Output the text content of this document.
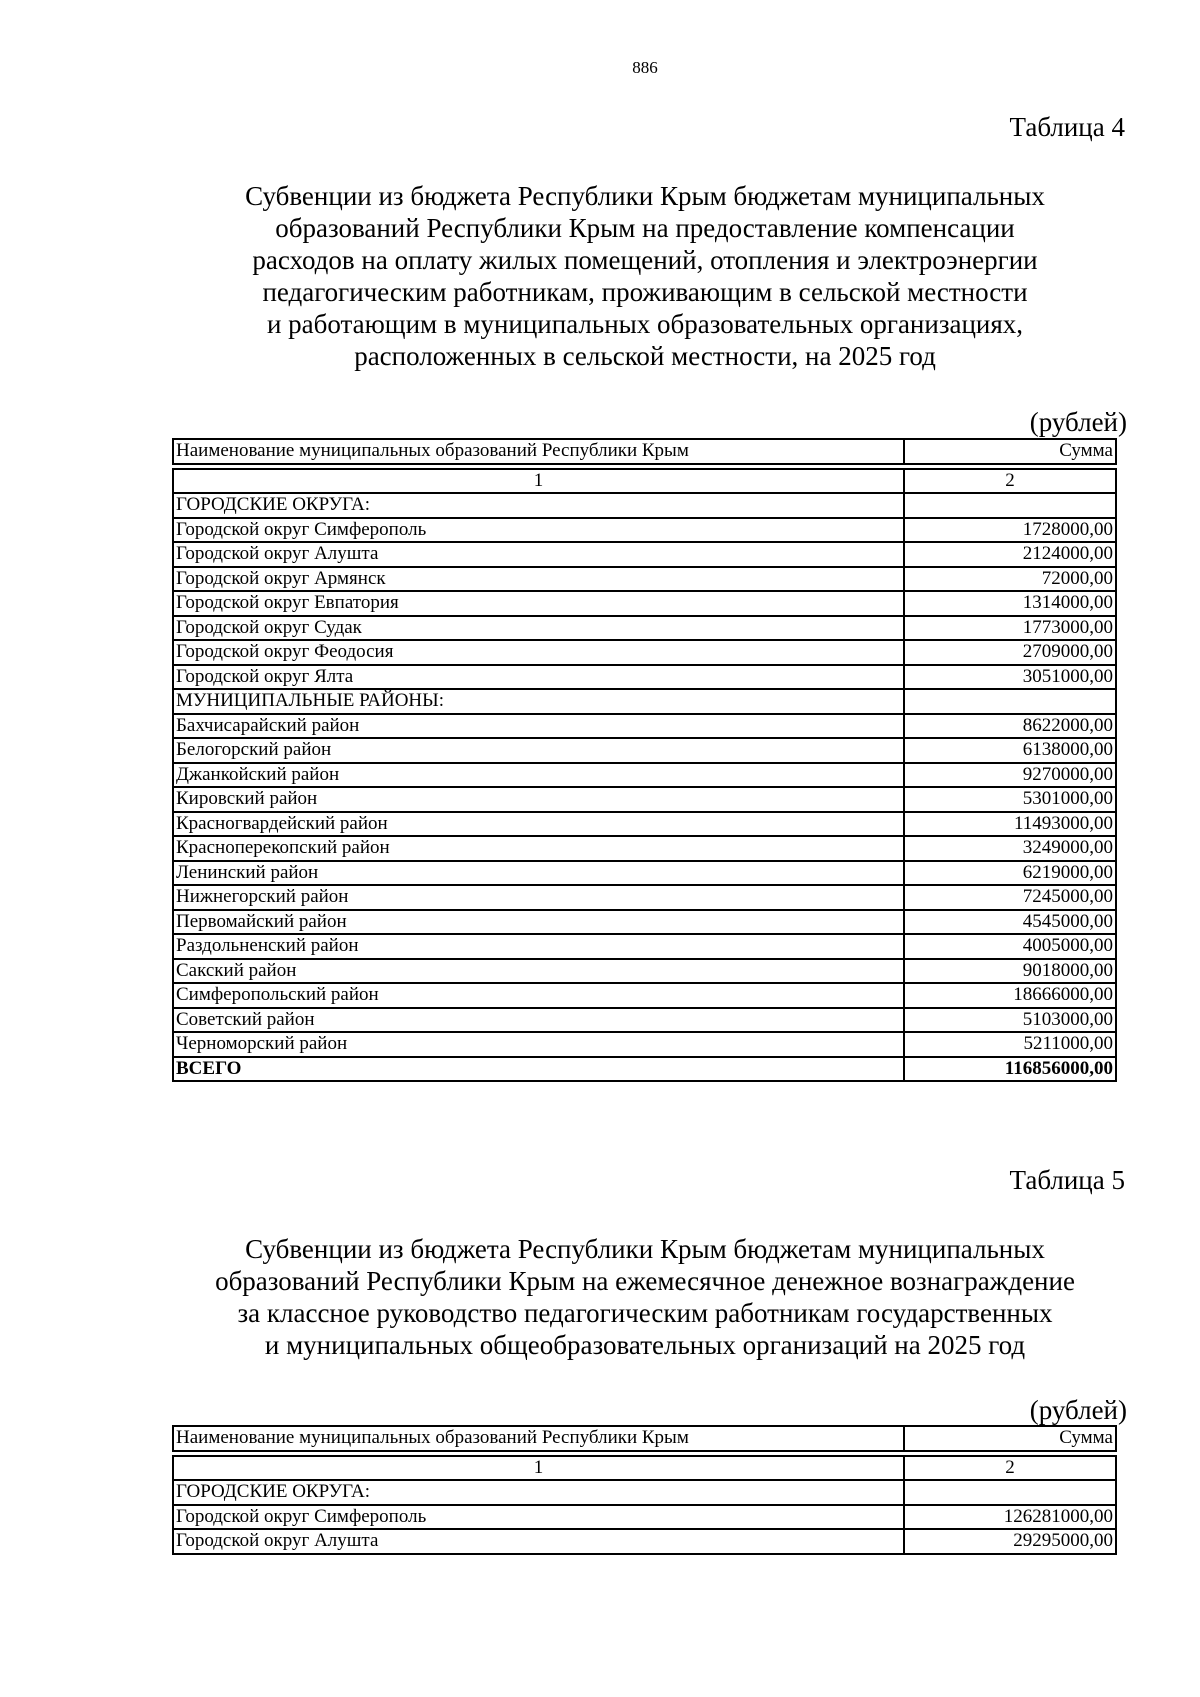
886
Таблица 4
Субвенции из бюджета Республики Крым бюджетам муниципальных
образований Республики Крым на предоставление компенсации
расходов на оплату жилых помещений, отопления и электроэнергии
педагогическим работникам, проживающим в сельской местности
и работающим в муниципальных образовательных организациях,
расположенных в сельской местности, на 2025 год
(рублей)
Наименование муниципальных образований Республики Крым	Сумма

1	2
ГОРОДСКИЕ ОКРУГА:	
Городской округ Симферополь	1728000,00
Городской округ Алушта	2124000,00
Городской округ Армянск	72000,00
Городской округ Евпатория	1314000,00
Городской округ Судак	1773000,00
Городской округ Феодосия	2709000,00
Городской округ Ялта	3051000,00
МУНИЦИПАЛЬНЫЕ РАЙОНЫ:	
Бахчисарайский район	8622000,00
Белогорский район	6138000,00
Джанкойский район	9270000,00
Кировский район	5301000,00
Красногвардейский район	11493000,00
Красноперекопский район	3249000,00
Ленинский район	6219000,00
Нижнегорский район	7245000,00
Первомайский район	4545000,00
Раздольненский район	4005000,00
Сакский район	9018000,00
Симферопольский район	18666000,00
Советский район	5103000,00
Черноморский район	5211000,00
ВСЕГО	116856000,00
Таблица 5
Субвенции из бюджета Республики Крым бюджетам муниципальных
образований Республики Крым на ежемесячное денежное вознаграждение
за классное руководство педагогическим работникам государственных
и муниципальных общеобразовательных организаций на 2025 год
(рублей)
Наименование муниципальных образований Республики Крым	Сумма

1	2
ГОРОДСКИЕ ОКРУГА:	
Городской округ Симферополь	126281000,00
Городской округ Алушта	29295000,00
